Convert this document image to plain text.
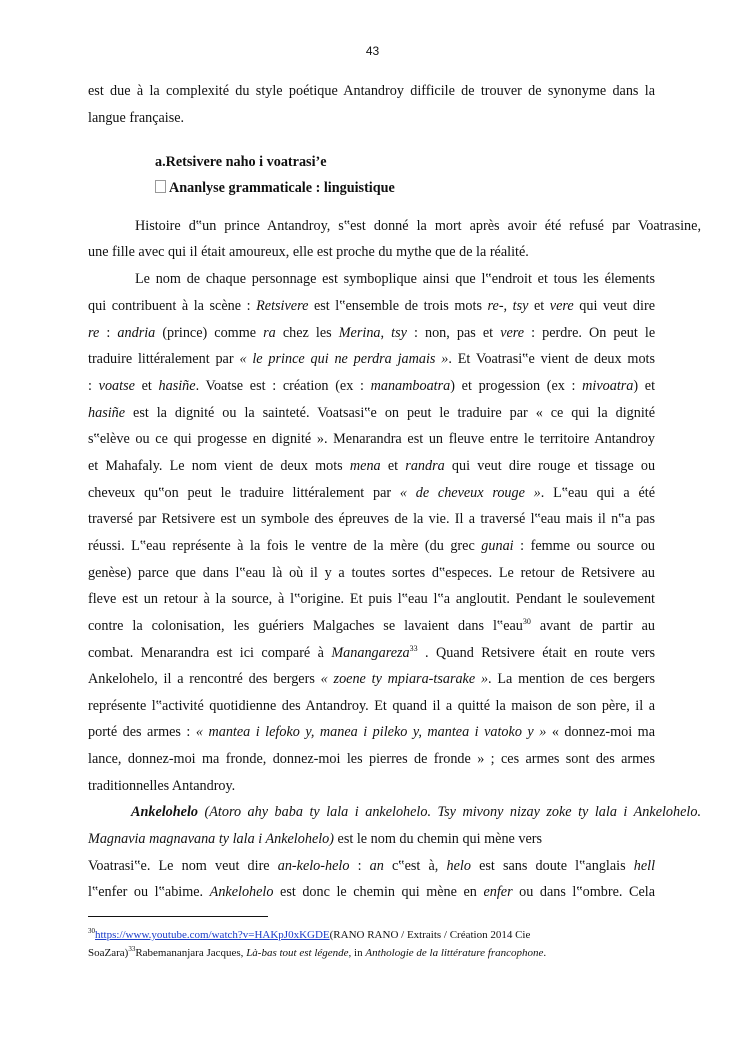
43
est due à la complexité du style poétique Antandroy difficile de trouver de synonyme dans la
langue française.
a.Retsivere naho i voatrasi’e
Ananlyse grammaticale : linguistique
Histoire d‟un prince Antandroy, s‟est donné la mort après avoir été refusé par Voatrasine,
une fille avec qui il était amoureux, elle est proche du mythe que de la réalité.
Le nom de chaque personnage est symboplique ainsi que l‟endroit et tous les élements
qui contribuent à la scène : Retsivere est l‟ensemble de trois mots re-, tsy et vere qui veut dire
re : andria (prince) comme ra chez les Merina, tsy : non, pas et vere : perdre. On peut le
traduire littéralement par « le prince qui ne perdra jamais ». Et Voatrasi‟e vient de deux mots
: voatse et hasiñe. Voatse est : création (ex : manamboatra) et progession (ex : mivoatra) et
hasiñe est la dignité ou la sainteté. Voatsasi‟e on peut le traduire par « ce qui la dignité
s‟elève ou ce qui progesse en dignité ». Menarandra est un fleuve entre le territoire Antandroy
et Mahafaly. Le nom vient de deux mots mena et randra qui veut dire rouge et tissage ou
cheveux qu‟on peut le traduire littéralement par « de cheveux rouge ». L‟eau qui a été
traversé par Retsivere est un symbole des épreuves de la vie. Il a traversé l‟eau mais il n‟a pas
réussi. L‟eau représente à la fois le ventre de la mère (du grec gunai : femme ou source ou
genèse) parce que dans l‟eau là où il y a toutes sortes d‟especes. Le retour de Retsivere au
fleve est un retour à la source, à l‟origine. Et puis l‟eau l‟a angloutit. Pendant le soulevement
contre la colonisation, les guériers Malgaches se lavaient dans l‟eau$^{30}$ avant de partir au
combat. Menarandra est ici comparé à Manangareza$^{33}$ . Quand Retsivere était en route vers
Ankelohelo, il a rencontré des bergers « zoene ty mpiara-tsarake ». La mention de ces bergers
représente l‟activité quotidienne des Antandroy. Et quand il a quitté la maison de son père, il a
porté des armes : « mantea i lefoko y, manea i pileko y, mantea i vatoko y » « donnez-moi ma
lance, donnez-moi ma fronde, donnez-moi les pierres de fronde » ; ces armes sont des armes
traditionnelles Antandroy.
Ankelohelo (Atoro ahy baba ty lala i ankelohelo. Tsy mivony nizay zoke ty lala i Ankelohelo.
Magnavia magnavana ty lala i Ankelohelo) est le nom du chemin qui mène vers
Voatrasi‟e. Le nom veut dire an-kelo-helo : an c‟est à, helo est sans doute l‟anglais hell
l‟enfer ou l‟abime. Ankelohelo est donc le chemin qui mène en enfer ou dans l‟ombre. Cela
$^{30}$https://www.youtube.com/watch?v=HAKpJ0xKGDE(RANO RANO / Extraits / Création 2014 Cie
SoaZara)$^{33}$Rabemananjara Jacques, Là-bas tout est légende, in Anthologie de la littérature francophone.
